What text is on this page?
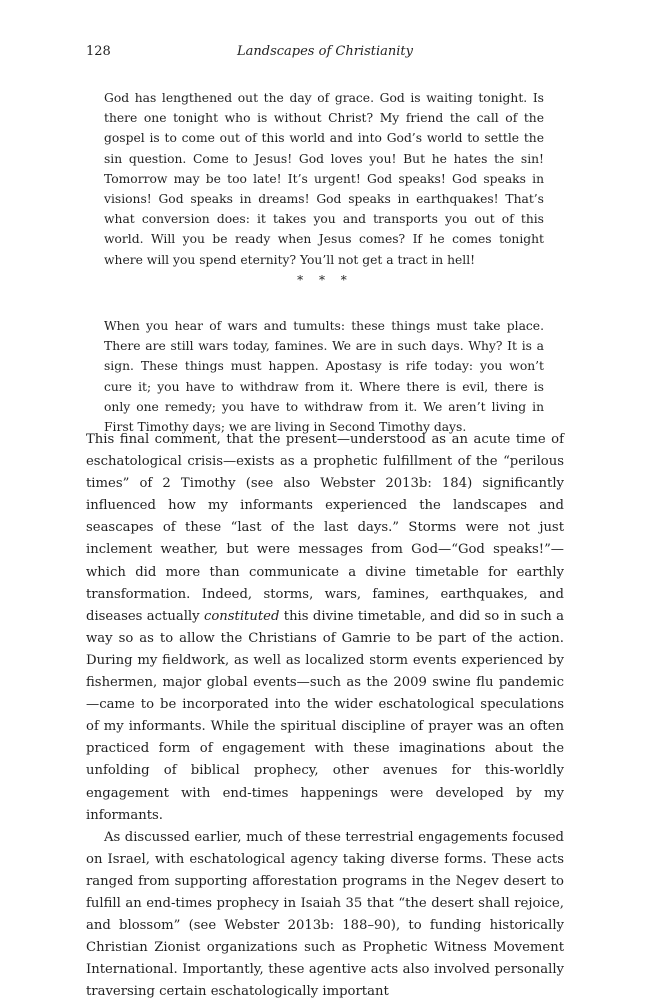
128	Landscapes of Christianity

God has lengthened out the day of grace. God is waiting tonight. Is there one tonight who is without Christ? My friend the call of the gospel is to come out of this world and into God’s world to settle the sin question. Come to Jesus! God loves you! But he hates the sin! Tomorrow may be too late! It’s urgent! God speaks! God speaks in visions! God speaks in dreams! God speaks in earthquakes! That’s what conversion does: it takes you and transports you out of this world. Will you be ready when Jesus comes? If he comes tonight where will you spend eternity? You’ll not get a tract in hell!

* * *

When you hear of wars and tumults: these things must take place. There are still wars today, famines. We are in such days. Why? It is a sign. These things must happen. Apostasy is rife today: you won’t cure it; you have to withdraw from it. Where there is evil, there is only one remedy; you have to withdraw from it. We aren’t living in First Timothy days; we are living in Second Timothy days.

This final comment, that the present—understood as an acute time of eschatological crisis—exists as a prophetic fulfillment of the “perilous times” of 2 Timothy (see also Webster 2013b: 184) significantly influenced how my informants experienced the landscapes and seascapes of these “last of the last days.” Storms were not just inclement weather, but were messages from God—“God speaks!”—which did more than communicate a divine timetable for earthly transformation. Indeed, storms, wars, famines, earthquakes, and diseases actually constituted this divine timetable, and did so in such a way so as to allow the Christians of Gamrie to be part of the action. During my fieldwork, as well as localized storm events experienced by fishermen, major global events—such as the 2009 swine flu pandemic—came to be incorporated into the wider eschatological speculations of my informants. While the spiritual discipline of prayer was an often practiced form of engagement with these imaginations about the unfolding of biblical prophecy, other avenues for this-worldly engagement with end-times happenings were developed by my informants.

As discussed earlier, much of these terrestrial engagements focused on Israel, with eschatological agency taking diverse forms. These acts ranged from supporting afforestation programs in the Negev desert to fulfill an end-times prophecy in Isaiah 35 that “the desert shall rejoice, and blossom” (see Webster 2013b: 188–90), to funding historically Christian Zionist organizations such as Prophetic Witness Movement International. Importantly, these agentive acts also involved personally traversing certain eschatologically important
